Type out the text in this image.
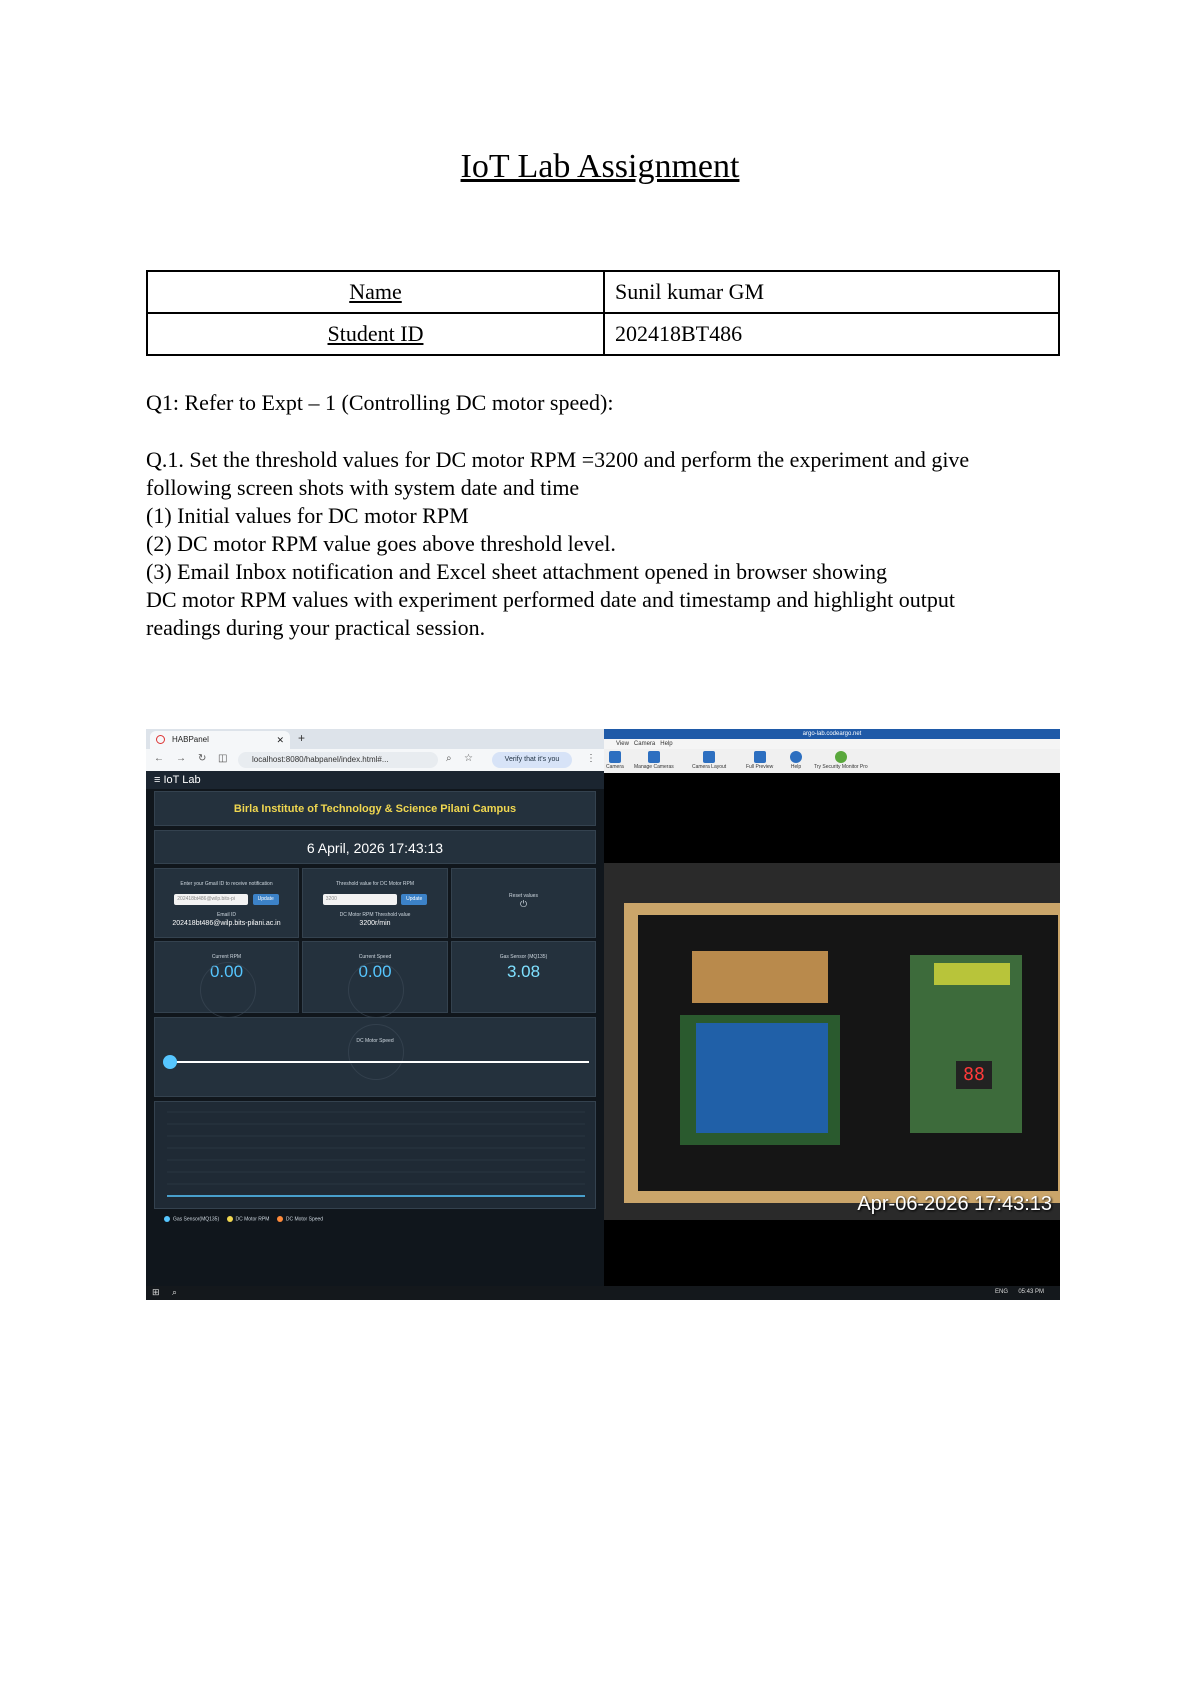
IoT Lab Assignment
Name	Sunil kumar GM
Student ID	202418BT486
Q1: Refer to Expt – 1 (Controlling DC motor speed):
Q.1. Set the threshold values for DC motor RPM =3200 and perform the experiment and give
following screen shots with system date and time
(1) Initial values for DC motor RPM
(2) DC motor RPM value goes above threshold level.
(3) Email Inbox notification and Excel sheet attachment opened in browser showing
DC motor RPM values with experiment performed date and timestamp and highlight output
readings during your practical session.
HABPanel	✕ +
← → ↻ ◫	localhost:8080/habpanel/index.html#...	⌕ ☆	Verify that it's you	⋮
≡ IoT Lab
Birla Institute of Technology & Science Pilani Campus
6 April, 2026 17:43:13
Enter your Gmail ID to receive notification
202418bt486@wilp.bits-pi	Update
Email ID
202418bt486@wilp.bits-pilani.ac.in
Threshold value for DC Motor RPM
3200	Update
DC Motor RPM Threshold value
3200r/min
Reset values
⏻
Current RPM
0.00
Current Speed
0.00
Gas Sensor (MQ135)
3.08
DC Motor Speed
Gas Sensor(MQ135)	DC Motor RPM	DC Motor Speed
argo-lab.codeargo.net
View Camera Help
Camera Manage Cameras	Camera Layout	Full Preview	Help	Try Security Monitor Pro
88
Apr-06-2026 17:43:13
⊞ ⌕	ENG 05:43 PM
